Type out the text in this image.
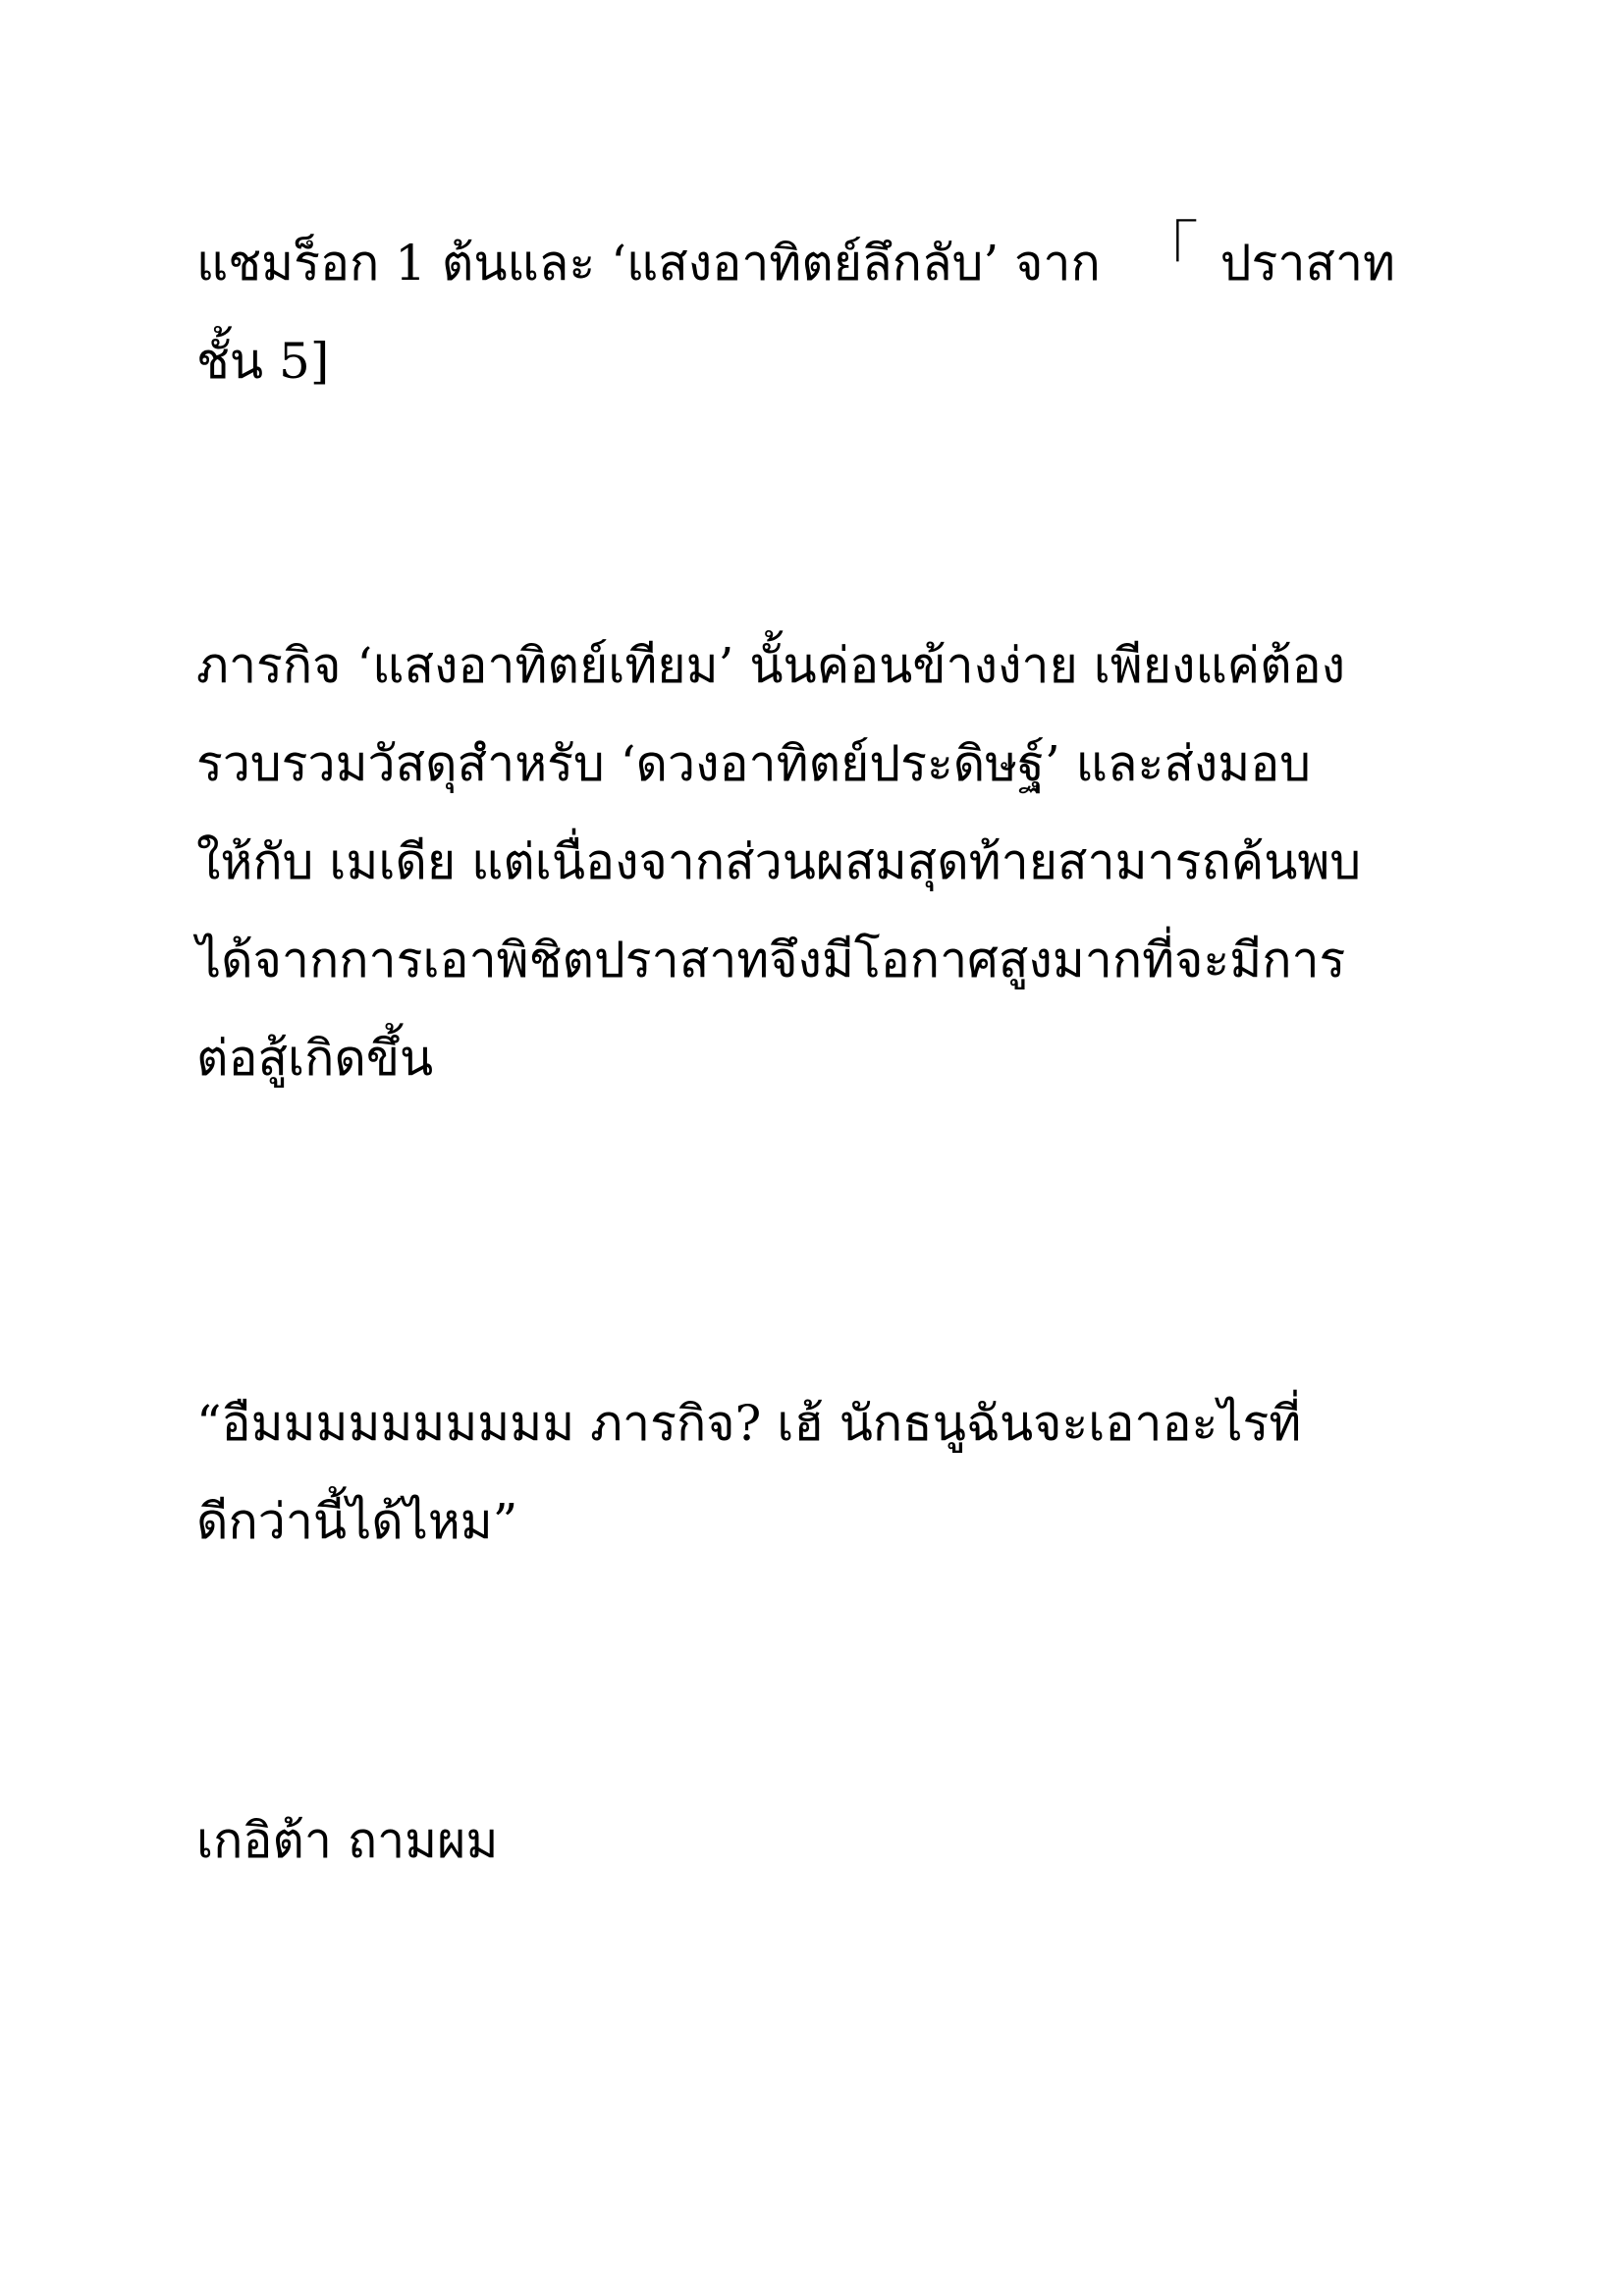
แชมร็อก 1 ต้นและ ‘แสงอาทิตย์ลึกลับ’ จาก 「 ปราสาท
ชั้น 5]

ภารกิจ ‘แสงอาทิตย์เทียม’ นั้นค่อนข้างง่าย เพียงแค่ต้อง
รวบรวมวัสดุสำหรับ ‘ดวงอาทิตย์ประดิษฐ์’ และส่งมอบ
ให้กับ เมเดีย แต่เนื่องจากส่วนผสมสุดท้ายสามารถค้นพบ
ได้จากการเอาพิชิตปราสาทจึงมีโอกาศสูงมากที่จะมีการ
ต่อสู้เกิดขึ้น

“อืมมมมมมมมมม ภารกิจ? เฮ้ นักธนูฉันจะเอาอะไรที่
ดีกว่านี้ได้ไหม”

เกอิต้า ถามผม
